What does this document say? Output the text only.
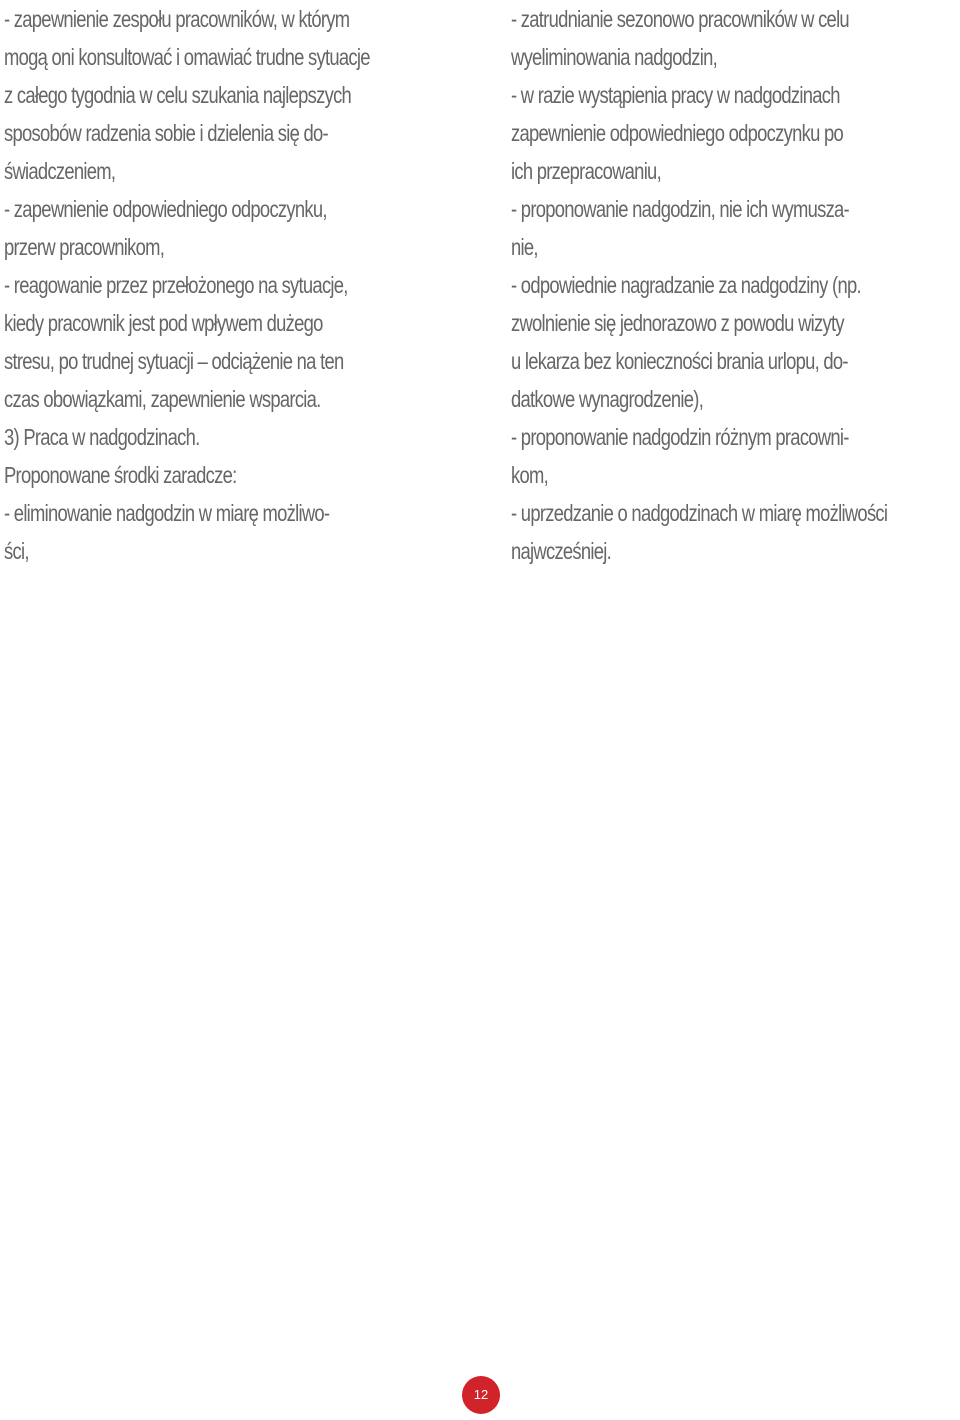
- zapewnienie zespołu pracowników, w którym
mogą oni konsultować i omawiać trudne sytuacje
z całego tygodnia w celu szukania najlepszych
sposobów radzenia sobie i dzielenia się do-
świadczeniem,
- zapewnienie odpowiedniego odpoczynku,
przerw pracownikom,
- reagowanie przez przełożonego na sytuacje,
kiedy pracownik jest pod wpływem dużego
stresu, po trudnej sytuacji – odciążenie na ten
czas obowiązkami, zapewnienie wsparcia.
3) Praca w nadgodzinach.
Proponowane środki zaradcze:
- eliminowanie nadgodzin w miarę możliwo-
ści,
- zatrudnianie sezonowo pracowników w celu
wyeliminowania nadgodzin,
- w razie wystąpienia pracy w nadgodzinach
zapewnienie odpowiedniego odpoczynku po
ich przepracowaniu,
- proponowanie nadgodzin, nie ich wymusza-
nie,
- odpowiednie nagradzanie za nadgodziny (np.
zwolnienie się jednorazowo z powodu wizyty
u lekarza bez konieczności brania urlopu, do-
datkowe wynagrodzenie),
- proponowanie nadgodzin różnym pracowni-
kom,
- uprzedzanie o nadgodzinach w miarę możliwości
najwcześniej.
12
